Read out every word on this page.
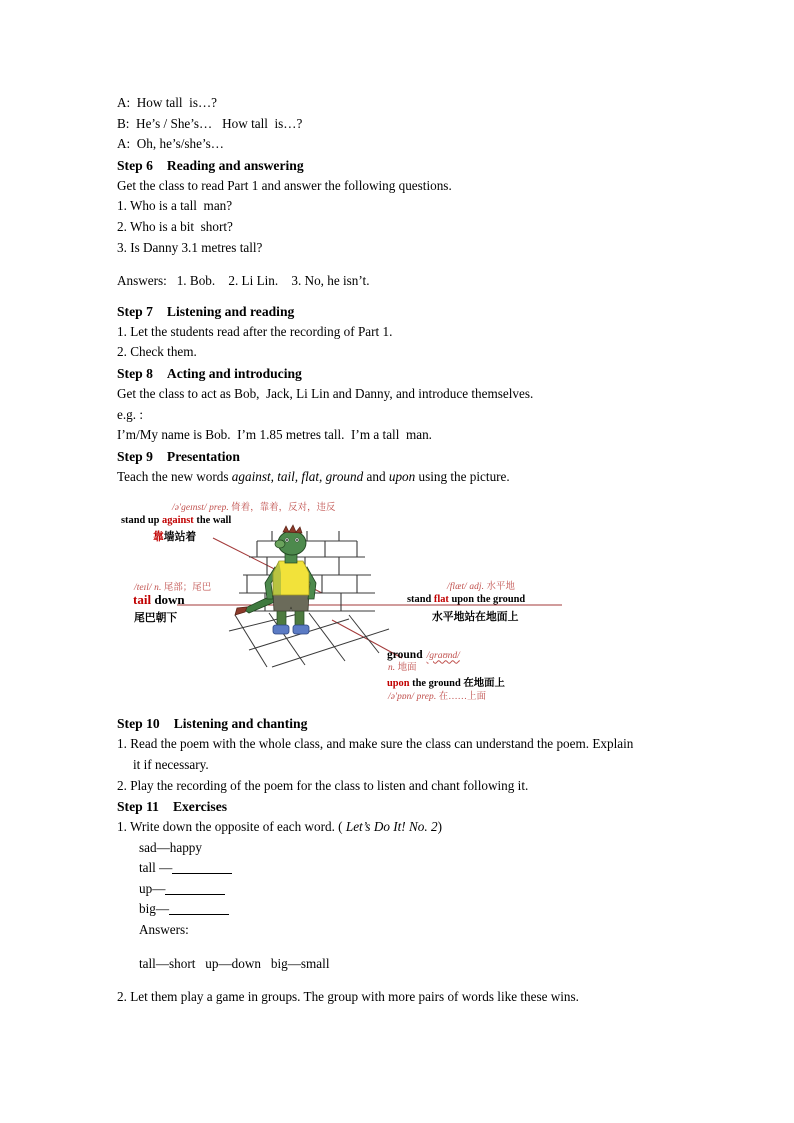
A:  How tall  is…?
B:  He’s / She’s…   How tall  is…?
A:  Oh, he’s/she’s…
Step 6 Reading and answering
Get the class to read Part 1 and answer the following questions.
1. Who is a tall  man?
2. Who is a bit  short?
3. Is Danny 3.1 metres tall?
Answers:   1. Bob.    2. Li Lin.    3. No, he isn’t.
Step 7 Listening and reading
1. Let the students read after the recording of Part 1.
2. Check them.
Step 8 Acting and introducing
Get the class to act as Bob,  Jack, Li Lin and Danny, and introduce themselves.
e.g. :
I’m/My name is Bob.  I’m 1.85 metres tall.  I’m a tall  man.
Step 9 Presentation
Teach the new words against, tail, flat, ground and upon using the picture.
/ə'geɪnst/ prep. 倚着，靠着，反对，违反
stand up against the wall
靠墙站着
/teɪl/ n. 尾部；尾巴
tail down
尾巴朝下
/flæt/ adj. 水平地
stand flat upon the ground
水平地站在地面上
ground /graʊnd/
n. 地面
upon the ground 在地面上
/ə'pɒn/ prep. 在……上面
Step 10 Listening and chanting
1. Read the poem with the whole class, and make sure the class can understand the poem. Explain
it if necessary.
2. Play the recording of the poem for the class to listen and chant following it.
Step 11 Exercises
1. Write down the opposite of each word. ( Let’s Do It! No. 2)
sad—happy
tall —
up—
big—
Answers:
tall—short   up—down   big—small
2. Let them play a game in groups. The group with more pairs of words like these wins.
